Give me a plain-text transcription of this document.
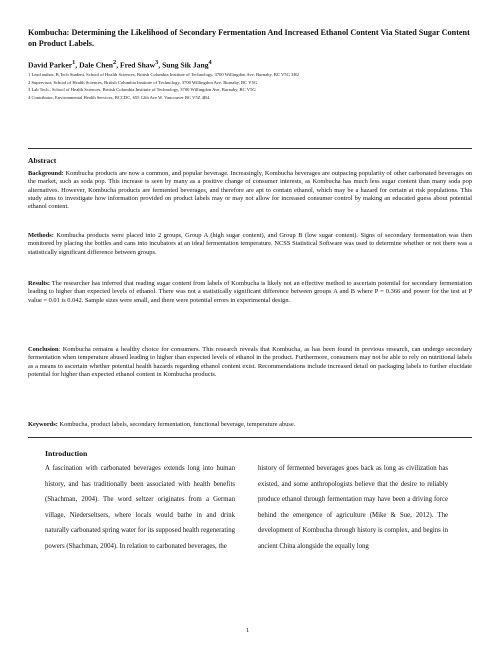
Kombucha: Determining the Likelihood of Secondary Fermentation And Increased Ethanol Content Via Stated Sugar Content on Product Labels.
David Parker$^1$, Dale Chen$^2$, Fred Shaw$^3$, Sung Sik Jang$^4$
1 Lead author, B.Tech Student, School of Health Sciences, British Columbia Institute of Technology, 3700 Willingdon Ave, Burnaby, BC V5G 3H2
2 Supervisor, School of Health Sciences, British Columbia Institute of Technology, 3700 Willingdon Ave, Burnaby, BC V5G
3 Lab Tech., School of Health Sciences, British Columbia Institute of Technology, 3700 Willingdon Ave, Burnaby, BC V5G
4 Contributor, Environmental Health Services, BCCDC, 655 12th Ave W. Vancouver BC V5Z 4R4
Abstract

Background: Kombucha products are now a common, and popular beverage. Increasingly, Kombucha beverages are outpacing popularity of other carbonated beverages on the market, such as soda pop. This increase is seen by many as a positive change of consumer interests, as Kombucha has much less sugar content than many soda pop alternatives. However, Kombucha products are fermented beverages, and therefore are apt to contain ethanol, which may be a hazard for certain at risk populations. This study aims to investigate how information provided on product labels may or may not allow for increased consumer control by making an educated guess about potential ethanol content.

Methods: Kombucha products were placed into 2 groups, Group A (high sugar content), and Group B (low sugar content). Signs of secondary fermentation was then monitored by placing the bottles and cans into incubators at an ideal fermentation temperature. NCSS Statistical Software was used to determine whether or not there was a statistically significant difference between groups.

Results: The researcher has inferred that reading sugar content from labels of Kombucha is likely not an effective method to ascertain potential for secondary fermentation leading to higher than expected levels of ethanol. There was not a statistically significant difference between groups A and B where P = 0.366 and power for the test at P value = 0.01 is 0.042. Sample sizes were small, and there were potential errors in experimental design.

Conclusion: Kombucha remains a healthy choice for consumers. This research reveals that Kombucha, as has been found in previous research, can undergo secondary fermentation when temperature abused leading to higher than expected levels of ethanol in the product. Furthermore, consumers may not be able to rely on nutritional labels as a means to ascertain whether potential health hazards regarding ethanol content exist. Recommendations include increased detail on packaging labels to further elucidate potential for higher than expected ethanol content in Kombucha products.

Keywords: Kombucha, product labels, secondary fermentation, functional beverage, temperature abuse.

Introduction

A fascination with carbonated beverages extends long into human history, and has traditionally been associated with health benefits (Shachman, 2004). The word seltzer originates from a German village, Niederseltsers, where locals would bathe in and drink naturally carbonated spring water for its supposed health regenerating powers (Shachman, 2004). In relation to carbonated beverages, the

history of fermented beverages goes back as long as civilization has existed, and some anthropologists believe that the desire to reliably produce ethanol through fermentation may have been a driving force behind the emergence of agriculture (Mike & Sue, 2012). The development of Kombucha through history is complex, and begins in ancient China alongside the equally long

1
